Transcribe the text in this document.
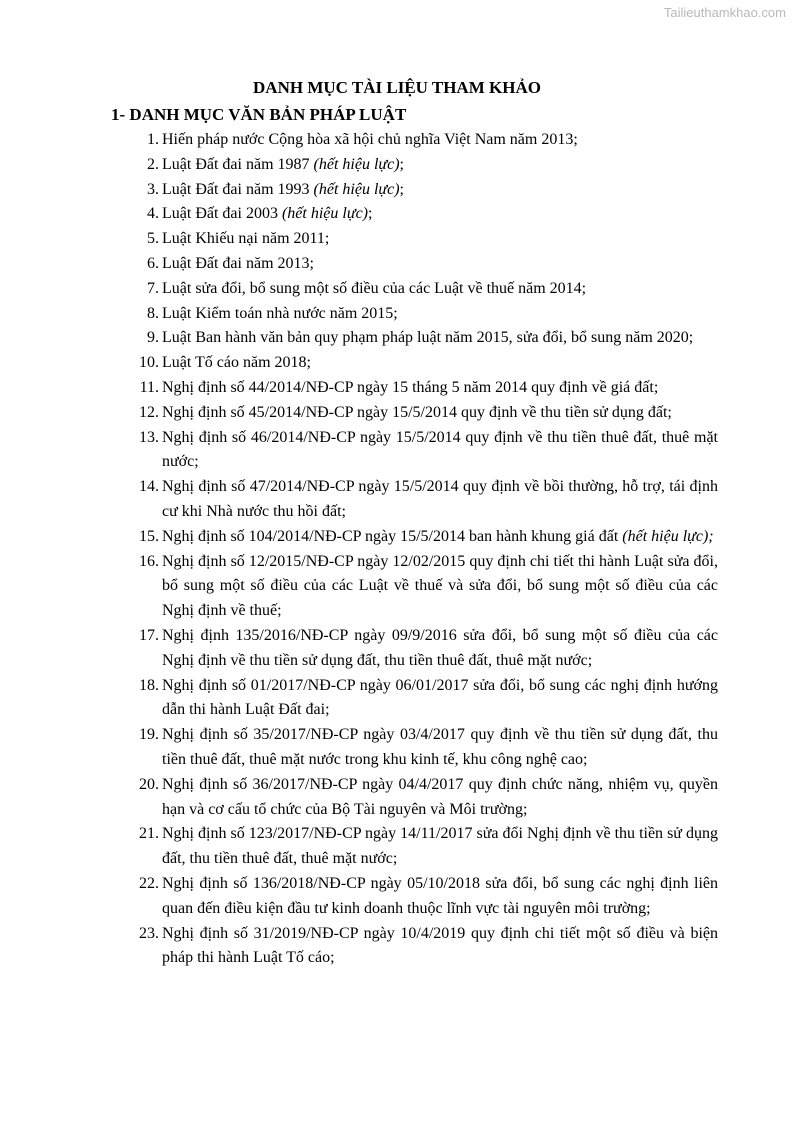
Tailieuthamkhao.com
DANH MỤC TÀI LIỆU THAM KHẢO
1- DANH MỤC VĂN BẢN PHÁP LUẬT
1. Hiến pháp nước Cộng hòa xã hội chủ nghĩa Việt Nam năm 2013;
2. Luật Đất đai năm 1987 (hết hiệu lực);
3. Luật Đất đai năm 1993 (hết hiệu lực);
4. Luật Đất đai 2003 (hết hiệu lực);
5. Luật Khiếu nại năm 2011;
6. Luật Đất đai năm 2013;
7. Luật sửa đổi, bổ sung một số điều của các Luật về thuế năm 2014;
8. Luật Kiểm toán nhà nước năm 2015;
9. Luật Ban hành văn bản quy phạm pháp luật năm 2015, sửa đổi, bổ sung năm 2020;
10. Luật Tố cáo năm 2018;
11. Nghị định số 44/2014/NĐ-CP ngày 15 tháng 5 năm 2014 quy định về giá đất;
12. Nghị định số 45/2014/NĐ-CP ngày 15/5/2014 quy định về thu tiền sử dụng đất;
13. Nghị định số 46/2014/NĐ-CP ngày 15/5/2014 quy định về thu tiền thuê đất, thuê mặt nước;
14. Nghị định số 47/2014/NĐ-CP ngày 15/5/2014 quy định về bồi thường, hỗ trợ, tái định cư khi Nhà nước thu hồi đất;
15. Nghị định số 104/2014/NĐ-CP ngày 15/5/2014 ban hành khung giá đất (hết hiệu lực);
16. Nghị định số 12/2015/NĐ-CP ngày 12/02/2015 quy định chi tiết thi hành Luật sửa đổi, bổ sung một số điều của các Luật về thuế và sửa đổi, bổ sung một số điều của các Nghị định về thuế;
17. Nghị định 135/2016/NĐ-CP ngày 09/9/2016 sửa đổi, bổ sung một số điều của các Nghị định về thu tiền sử dụng đất, thu tiền thuê đất, thuê mặt nước;
18. Nghị định số 01/2017/NĐ-CP ngày 06/01/2017 sửa đổi, bổ sung các nghị định hướng dẫn thi hành Luật Đất đai;
19. Nghị định số 35/2017/NĐ-CP ngày 03/4/2017 quy định về thu tiền sử dụng đất, thu tiền thuê đất, thuê mặt nước trong khu kinh tế, khu công nghệ cao;
20. Nghị định số 36/2017/NĐ-CP ngày 04/4/2017 quy định chức năng, nhiệm vụ, quyền hạn và cơ cấu tổ chức của Bộ Tài nguyên và Môi trường;
21. Nghị định số 123/2017/NĐ-CP ngày 14/11/2017 sửa đổi Nghị định về thu tiền sử dụng đất, thu tiền thuê đất, thuê mặt nước;
22. Nghị định số 136/2018/NĐ-CP ngày 05/10/2018 sửa đổi, bổ sung các nghị định liên quan đến điều kiện đầu tư kinh doanh thuộc lĩnh vực tài nguyên môi trường;
23. Nghị định số 31/2019/NĐ-CP ngày 10/4/2019 quy định chi tiết một số điều và biện pháp thi hành Luật Tố cáo;
